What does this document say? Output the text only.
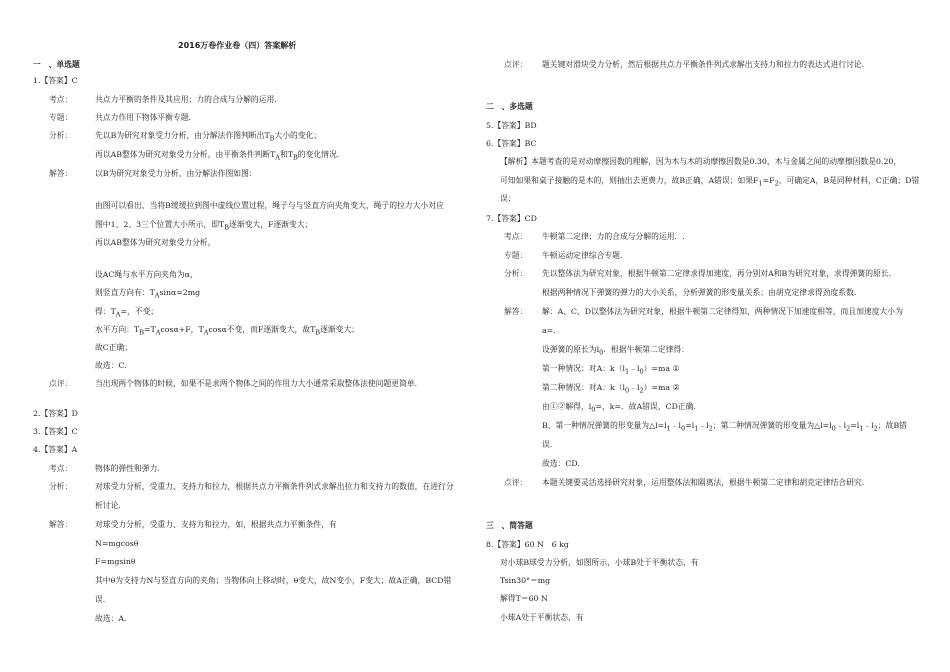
2016万卷作业卷（四）答案解析
一　、单选题
1.【答案】C
考点：	共点力平衡的条件及其应用；力的合成与分解的运用.
专题：	共点力作用下物体平衡专题.
分析：	先以B为研究对象受力分析，由分解法作图判断出$T_B$大小的变化；
再以AB整体为研究对象受力分析，由平衡条件判断$T_A$和$T_B$的变化情况.
解答：	以B为研究对象受力分析，由分解法作图如图：
由图可以看出，当将B缓缓拉到图中虚线位置过程，绳子与与竖直方向夹角变大，绳子的拉力大小对应
图中1、2、3三个位置大小所示，即$T_B$逐渐变大，F逐渐变大；
再以AB整体为研究对象受力分析，
设AC绳与水平方向夹角为α，
则竖直方向有：$T_A\sin\alpha=2mg$
得：$T_A=$，不变；
水平方向：$T_B=T_A\cos\alpha+F$，$T_A\cos\alpha$不变，而F逐渐变大，故$T_B$逐渐变大；
故C正确；
故选：C.
点评：	当出现两个物体的时候，如果不是求两个物体之间的作用力大小通常采取整体法使问题更简单.
2.【答案】D
3.【答案】C
4.【答案】A
考点：	物体的弹性和弹力.
分析：	对球受力分析，受重力、支持力和拉力，根据共点力平衡条件列式求解出拉力和支持力的数值，在进行分
析讨论.
解答：	对球受力分析，受重力、支持力和拉力，如，根据共点力平衡条件，有
N=mgcosθ
F=mgsinθ
其中θ为支持力N与竖直方向的夹角；当物体向上移动时，θ变大，故N变小，F变大；故A正确，BCD错
误.
故选：A.
点评： 题关键对滑块受力分析，然后根据共点力平衡条件列式求解出支持力和拉力的表达式进行讨论.
二　、多选题
5.【答案】BD
6.【答案】BC
【解析】本题考查的是对动摩擦因数的理解，因为木与木的动摩擦因数是0.30，木与金属之间的动摩擦因数是0.20，
可知如果和桌子接触的是木的，则抽出去更费力，故B正确，A错误；如果$F_1=F_2$，可确定A，B是同种材料，C正确；D错
误；
7.【答案】CD
考点： 牛顿第二定律；力的合成与分解的运用．.
专题： 牛顿运动定律综合专题.
分析： 先以整体法为研究对象，根据牛顿第二定律求得加速度，再分别对A和B为研究对象，求得弹簧的原长.
根据两种情况下弹簧的弹力的大小关系，分析弹簧的形变量关系；由胡克定律求得劲度系数.
解答： 解：A、C、D以整体法为研究对象，根据牛顿第二定律得知，两种情况下加速度相等，而且加速度大小为
a=.
设弹簧的原长为$l_0$．根据牛顿第二定律得：
第一种情况：对A：$k(l_1﹣l_0)=ma$ ①
第二种情况：对A：$k(l_0﹣l_2)=ma$ ②
由①②解得，$l_0=$，k=．故A错误，CD正确.
B、第一种情况弹簧的形变量为$\triangle l=l_1﹣l_0=l_1﹣l_2$；第二种情况弹簧的形变量为$\triangle l=l_0﹣l_2=l_1﹣l_2$；故B错
误.
故选：CD.
点评： 本题关键要灵活选择研究对象，运用整体法和隔离法，根据牛顿第二定律和胡克定律结合研究.
三　、简答题
8.【答案】60 N　6 kg
对小球B球受力分析，如图所示，小球B处于平衡状态，有
Tsin30°＝mg
解得T＝60 N
小球A处于平衡状态，有
